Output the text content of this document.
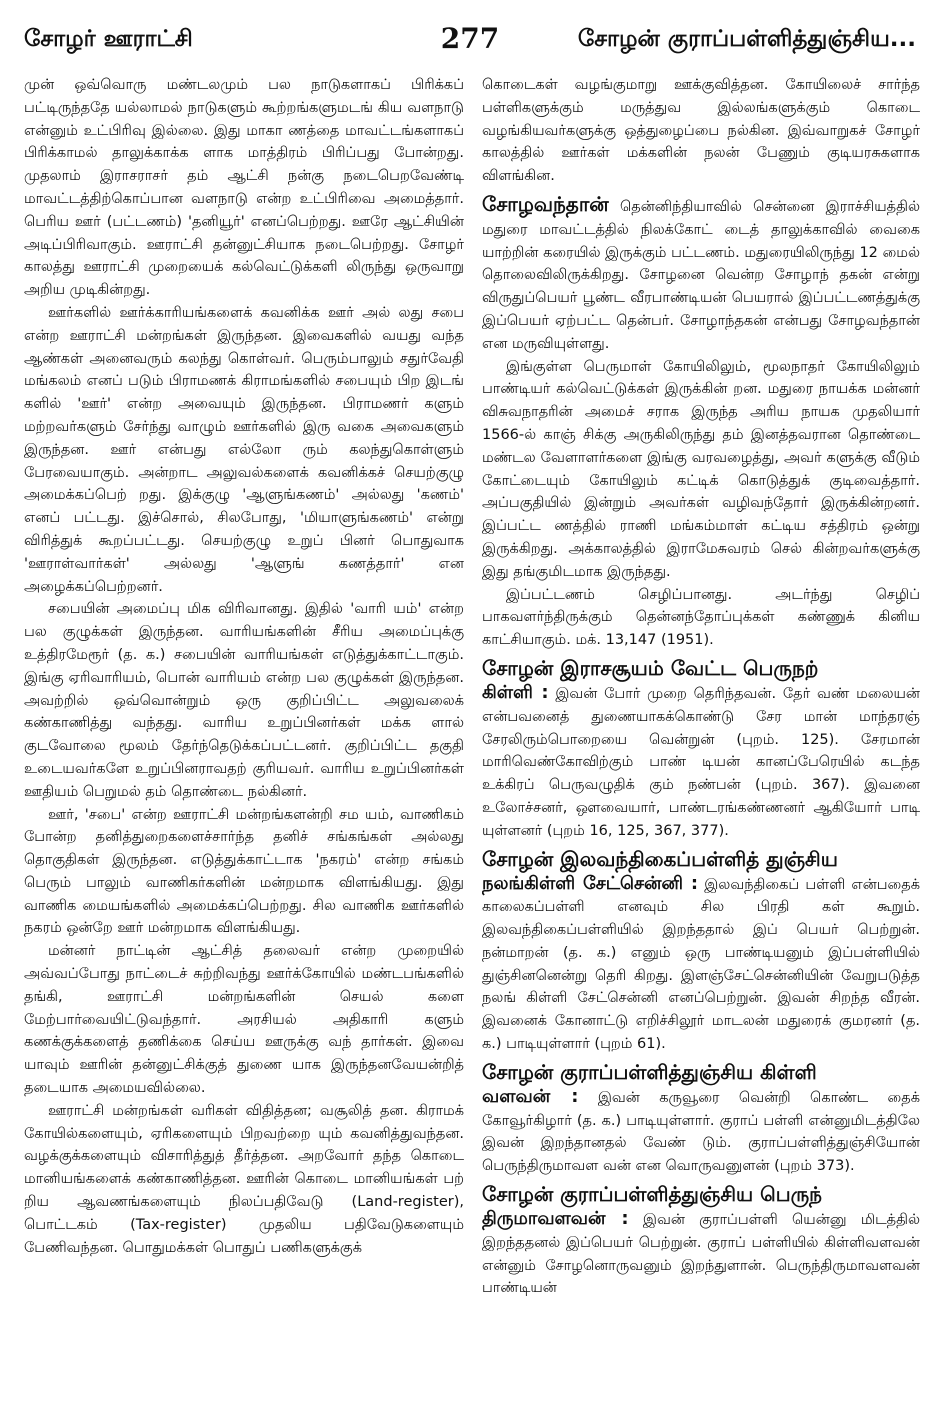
சோழர் ஊராட்சி	277	சோழன் குராப்பள்ளித்துஞ்சிய...

முன் ஒவ்வொரு மண்டலமும் பல நாடுகளாகப் பிரிக்கப் பட்டிருந்ததே யல்லாமல் நாடுகளும் கூற்றங்களுமடங் கிய வளநாடு என்னும் உட்பிரிவு இல்லை. இது மாகா ணத்தை மாவட்டங்களாகப் பிரிக்காமல் தாலுக்காக்க ளாக மாத்திரம் பிரிப்பது போன்றது. முதலாம் இராசராசர் தம் ஆட்சி நன்கு நடைபெறவேண்டி மாவட்டத்திற்கொப்பான வளநாடு என்ற உட்பிரிவை அமைத்தார். பெரிய ஊர் (பட்டணம்) 'தனியூர்' எனப்பெற்றது. ஊரே ஆட்சியின் அடிப்பிரிவாகும். ஊராட்சி தன்னுட்சியாக நடைபெற்றது. சோழர் காலத்து ஊராட்சி முறையைக் கல்வெட்டுக்களி லிருந்து ஒருவாறு அறிய முடிகின்றது.

ஊர்களில் ஊர்க்காரியங்களைக் கவனிக்க ஊர் அல் லது சபை என்ற ஊராட்சி மன்றங்கள் இருந்தன. இவைகளில் வயது வந்த ஆண்கள் அனைவரும் கலந்து கொள்வர். பெரும்பாலும் சதுர்வேதி மங்கலம் எனப் படும் பிராமணக் கிராமங்களில் சபையும் பிற இடங் களில் 'ஊர்' என்ற அவையும் இருந்தன. பிராமணர் களும் மற்றவர்களும் சேர்ந்து வாழும் ஊர்களில் இரு வகை அவைகளும் இருந்தன. ஊர் என்பது எல்லோ ரும் கலந்துகொள்ளும் பேரவையாகும். அன்றாட அலுவல்களைக் கவனிக்கச் செயற்குழு அமைக்கப்பெற் றது. இக்குழு 'ஆளுங்கணம்' அல்லது 'கணம்' எனப் பட்டது. இச்சொல், சிலபோது, 'மியாளுங்கணம்' என்று விரித்துக் கூறப்பட்டது. செயற்குழு உறுப் பினர் பொதுவாக 'ஊராள்வார்கள்' அல்லது 'ஆளுங் கணத்தார்' என அழைக்கப்பெற்றனர்.

சபையின் அமைப்பு மிக விரிவானது. இதில் 'வாரி யம்' என்ற பல குழுக்கள் இருந்தன. வாரியங்களின் சீரிய அமைப்புக்கு உத்திரமேரூர் (த. க.) சபையின் வாரியங்கள் எடுத்துக்காட்டாகும். இங்கு ஏரிவாரியம், பொன் வாரியம் என்ற பல குழுக்கள் இருந்தன. அவற்றில் ஒவ்வொன்றும் ஒரு குறிப்பிட்ட அலுவலைக் கண்காணித்து வந்தது. வாரிய உறுப்பினர்கள் மக்க ளால் குடவோலை மூலம் தேர்ந்தெடுக்கப்பட்டனர். குறிப்பிட்ட தகுதி உடையவர்களே உறுப்பினராவதற் குரியவர். வாரிய உறுப்பினர்கள் ஊதியம் பெறுமல் தம் தொண்டை நல்கினர்.

ஊர், 'சபை' என்ற ஊராட்சி மன்றங்களன்றி சம யம், வாணிகம் போன்ற தனித்துறைகளைச்சார்ந்த தனிச் சங்கங்கள் அல்லது தொகுதிகள் இருந்தன. எடுத்துக்காட்டாக 'நகரம்' என்ற சங்கம் பெரும் பாலும் வாணிகர்களின் மன்றமாக விளங்கியது. இது வாணிக மையங்களில் அமைக்கப்பெற்றது. சில வாணிக ஊர்களில் நகரம் ஒன்றே ஊர் மன்றமாக விளங்கியது.

மன்னர் நாட்டின் ஆட்சித் தலைவர் என்ற முறையில் அவ்வப்போது நாட்டைச் சுற்றிவந்து ஊர்க்கோயில் மண்டபங்களில் தங்கி, ஊராட்சி மன்றங்களின் செயல் களை மேற்பார்வையிட்டுவந்தார். அரசியல் அதிகாரி களும் கணக்குக்களைத் தணிக்கை செய்ய ஊருக்கு வந் தார்கள். இவை யாவும் ஊரின் தன்னுட்சிக்குத் துணை யாக இருந்தனவேயன்றித் தடையாக அமையவில்லை.

ஊராட்சி மன்றங்கள் வரிகள் விதித்தன; வசூலித் தன. கிராமக் கோயில்களையும், ஏரிகளையும் பிறவற்றை யும் கவனித்துவந்தன. வழக்குக்களையும் விசாரித்துத் தீர்த்தன. அறவோர் தந்த கொடை மானியங்களைக் கண்காணித்தன. ஊரின் கொடை மானியங்கள் பற் றிய ஆவணங்களையும் நிலப்பதிவேடு (Land-register), பொட்டகம் (Tax-register) முதலிய பதிவேடுகளையும் பேணிவந்தன. பொதுமக்கள் பொதுப் பணிகளுக்குக்

கொடைகள் வழங்குமாறு ஊக்குவித்தன. கோயிலைச் சார்ந்த பள்ளிகளுக்கும் மருத்துவ இல்லங்களுக்கும் கொடை வழங்கியவர்களுக்கு ஒத்துழைப்பை நல்கின. இவ்வாறுகச் சோழர் காலத்தில் ஊர்கள் மக்களின் நலன் பேணும் குடியரசுகளாக விளங்கின.

சோழவந்தான் தென்னிந்தியாவில் சென்னை இராச்சியத்தில் மதுரை மாவட்டத்தில் நிலக்கோட் டைத் தாலுக்காவில் வைகை யாற்றின் கரையில் இருக்கும் பட்டணம். மதுரையிலிருந்து 12 மைல் தொலைவிலிருக்கிறது. சோழனை வென்ற சோழாந் தகன் என்று விருதுப்பெயர் பூண்ட வீரபாண்டியன் பெயரால் இப்பட்டணத்துக்கு இப்பெயர் ஏற்பட்ட தென்பர். சோழாந்தகன் என்பது சோழவந்தான் என மருவியுள்ளது.

இங்குள்ள பெருமாள் கோயிலிலும், மூலநாதர் கோயிலிலும் பாண்டியர் கல்வெட்டுக்கள் இருக்கின் றன. மதுரை நாயக்க மன்னர் விசுவநாதரின் அமைச் சராக இருந்த அரிய நாயக முதலியார் 1566-ல் காஞ் சிக்கு அருகிலிருந்து தம் இனத்தவரான தொண்டை மண்டல வேளாளர்களை இங்கு வரவழைத்து, அவர் களுக்கு வீடும் கோட்டையும் கோயிலும் கட்டிக் கொடுத்துக் குடிவைத்தார். அப்பகுதியில் இன்றும் அவர்கள் வழிவந்தோர் இருக்கின்றனர். இப்பட்ட ணத்தில் ராணி மங்கம்மாள் கட்டிய சத்திரம் ஒன்று இருக்கிறது. அக்காலத்தில் இராமேசுவரம் செல் கின்றவர்களுக்கு இது தங்குமிடமாக இருந்தது.

இப்பட்டணம் செழிப்பானது. அடர்ந்து செழிப் பாகவளர்ந்திருக்கும் தென்னந்தோப்புக்கள் கண்ணுக் கினிய காட்சியாகும். மக். 13,147 (1951).

சோழன் இராசசூயம் வேட்ட பெருநற்

கிள்ளி : இவன் போர் முறை தெரிந்தவன். தேர் வண் மலையன் என்பவனைத் துணையாகக்கொண்டு சேர மான் மாந்தரஞ் சேரலிரும்பொறையை வென்றுன் (புறம். 125). சேரமான் மாரிவெண்கோவிற்கும் பாண் டியன் கானப்பேரெயில் கடந்த உக்கிரப் பெருவழுதிக் கும் நண்பன் (புறம். 367). இவனை உலோச்சனர், ஔவையார், பாண்டரங்கண்ணனர் ஆகியோர் பாடி யுள்ளனர் (புறம் 16, 125, 367, 377).

சோழன் இலவந்திகைப்பள்ளித் துஞ்சிய

நலங்கிள்ளி சேட்சென்னி : இலவந்திகைப் பள்ளி என்பதைக் காலைகப்பள்ளி எனவும் சில பிரதி கள் கூறும். இலவந்திகைப்பள்ளியில் இறந்ததால் இப் பெயர் பெற்றுன். நன்மாறன் (த. க.) எனும் ஒரு பாண்டியனும் இப்பள்ளியில் துஞ்சினனென்று தெரி கிறது. இளஞ்சேட்சென்னியின் வேறுபடுத்த நலங் கிள்ளி சேட்சென்னி எனப்பெற்றுன். இவன் சிறந்த வீரன். இவனைக் கோனாட்டு எறிச்சிலூர் மாடலன் மதுரைக் குமரனர் (த. க.) பாடியுள்ளார் (புறம் 61).

சோழன் குராப்பள்ளித்துஞ்சிய கிள்ளி

வளவன் : இவன் கருவூரை வென்றி கொண்ட தைக் கோவூர்கிழார் (த. க.) பாடியுள்ளார். குராப் பள்ளி என்னுமிடத்திலே இவன் இறந்தானதல் வேண் டும். குராப்பள்ளித்துஞ்சியோன் பெருந்திருமாவள வன் என வொருவனுளன் (புறம் 373).

சோழன் குராப்பள்ளித்துஞ்சிய பெருந்

திருமாவளவன் : இவன் குராப்பள்ளி யென்னு மிடத்தில் இறந்ததனல் இப்பெயர் பெற்றுன். குராப் பள்ளியில் கிள்ளிவளவன் என்னும் சோழனொருவனும் இறந்துளான். பெருந்திருமாவளவன் பாண்டியன்
